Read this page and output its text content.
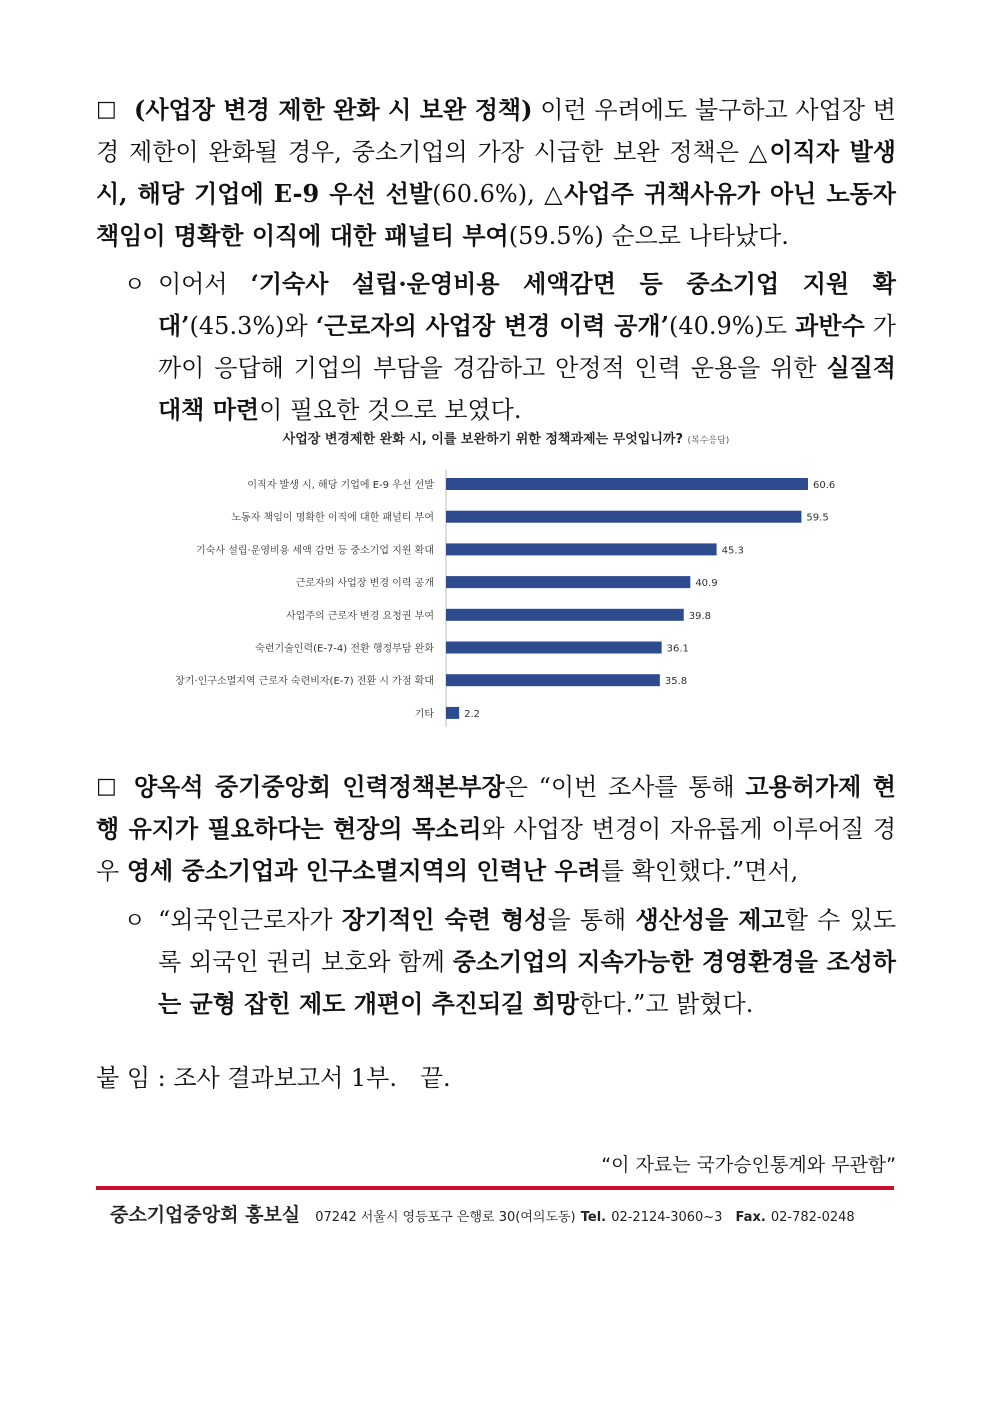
□ (사업장 변경 제한 완화 시 보완 정책) 이런 우려에도 불구하고 사업장 변경 제한이 완화될 경우, 중소기업의 가장 시급한 보완 정책은 △이직자 발생 시, 해당 기업에 E-9 우선 선발(60.6%), △사업주 귀책사유가 아닌 노동자 책임이 명확한 이직에 대한 패널티 부여(59.5%) 순으로 나타났다.

ㅇ 이어서 ‘기숙사 설립·운영비용 세액감면 등 중소기업 지원 확대’(45.3%)와 ‘근로자의 사업장 변경 이력 공개’(40.9%)도 과반수 가까이 응답해 기업의 부담을 경감하고 안정적 인력 운용을 위한 실질적 대책 마련이 필요한 것으로 보였다.

사업장 변경제한 완화 시, 이를 보완하기 위한 정책과제는 무엇입니까? (복수응답)
이직자 발생 시, 해당 기업에 E-9 우선 선발	60.6
노동자 책임이 명확한 이직에 대한 패널티 부여	59.5
기숙사 설립·운영비용 세액 감면 등 중소기업 지원 확대	45.3
근로자의 사업장 변경 이력 공개	40.9
사업주의 근로자 변경 요청권 부여	39.8
숙련기술인력(E-7-4) 전환 행정부담 완화	36.1
장기·인구소멸지역 근로자 숙련비자(E-7) 전환 시 가점 확대	35.8
기타	2.2
□ 양옥석 중기중앙회 인력정책본부장은 “이번 조사를 통해 고용허가제 현행 유지가 필요하다는 현장의 목소리와 사업장 변경이 자유롭게 이루어질 경우 영세 중소기업과 인구소멸지역의 인력난 우려를 확인했다.”면서,

ㅇ “외국인근로자가 장기적인 숙련 형성을 통해 생산성을 제고할 수 있도록 외국인 권리 보호와 함께 중소기업의 지속가능한 경영환경을 조성하는 균형 잡힌 제도 개편이 추진되길 희망한다.”고 밝혔다.

붙 임 : 조사 결과보고서 1부.   끝.
“이 자료는 국가승인통계와 무관함”
중소기업중앙회 홍보실 07242 서울시 영등포구 은행로 30(여의도동) Tel. 02-2124-3060~3 Fax. 02-782-0248
